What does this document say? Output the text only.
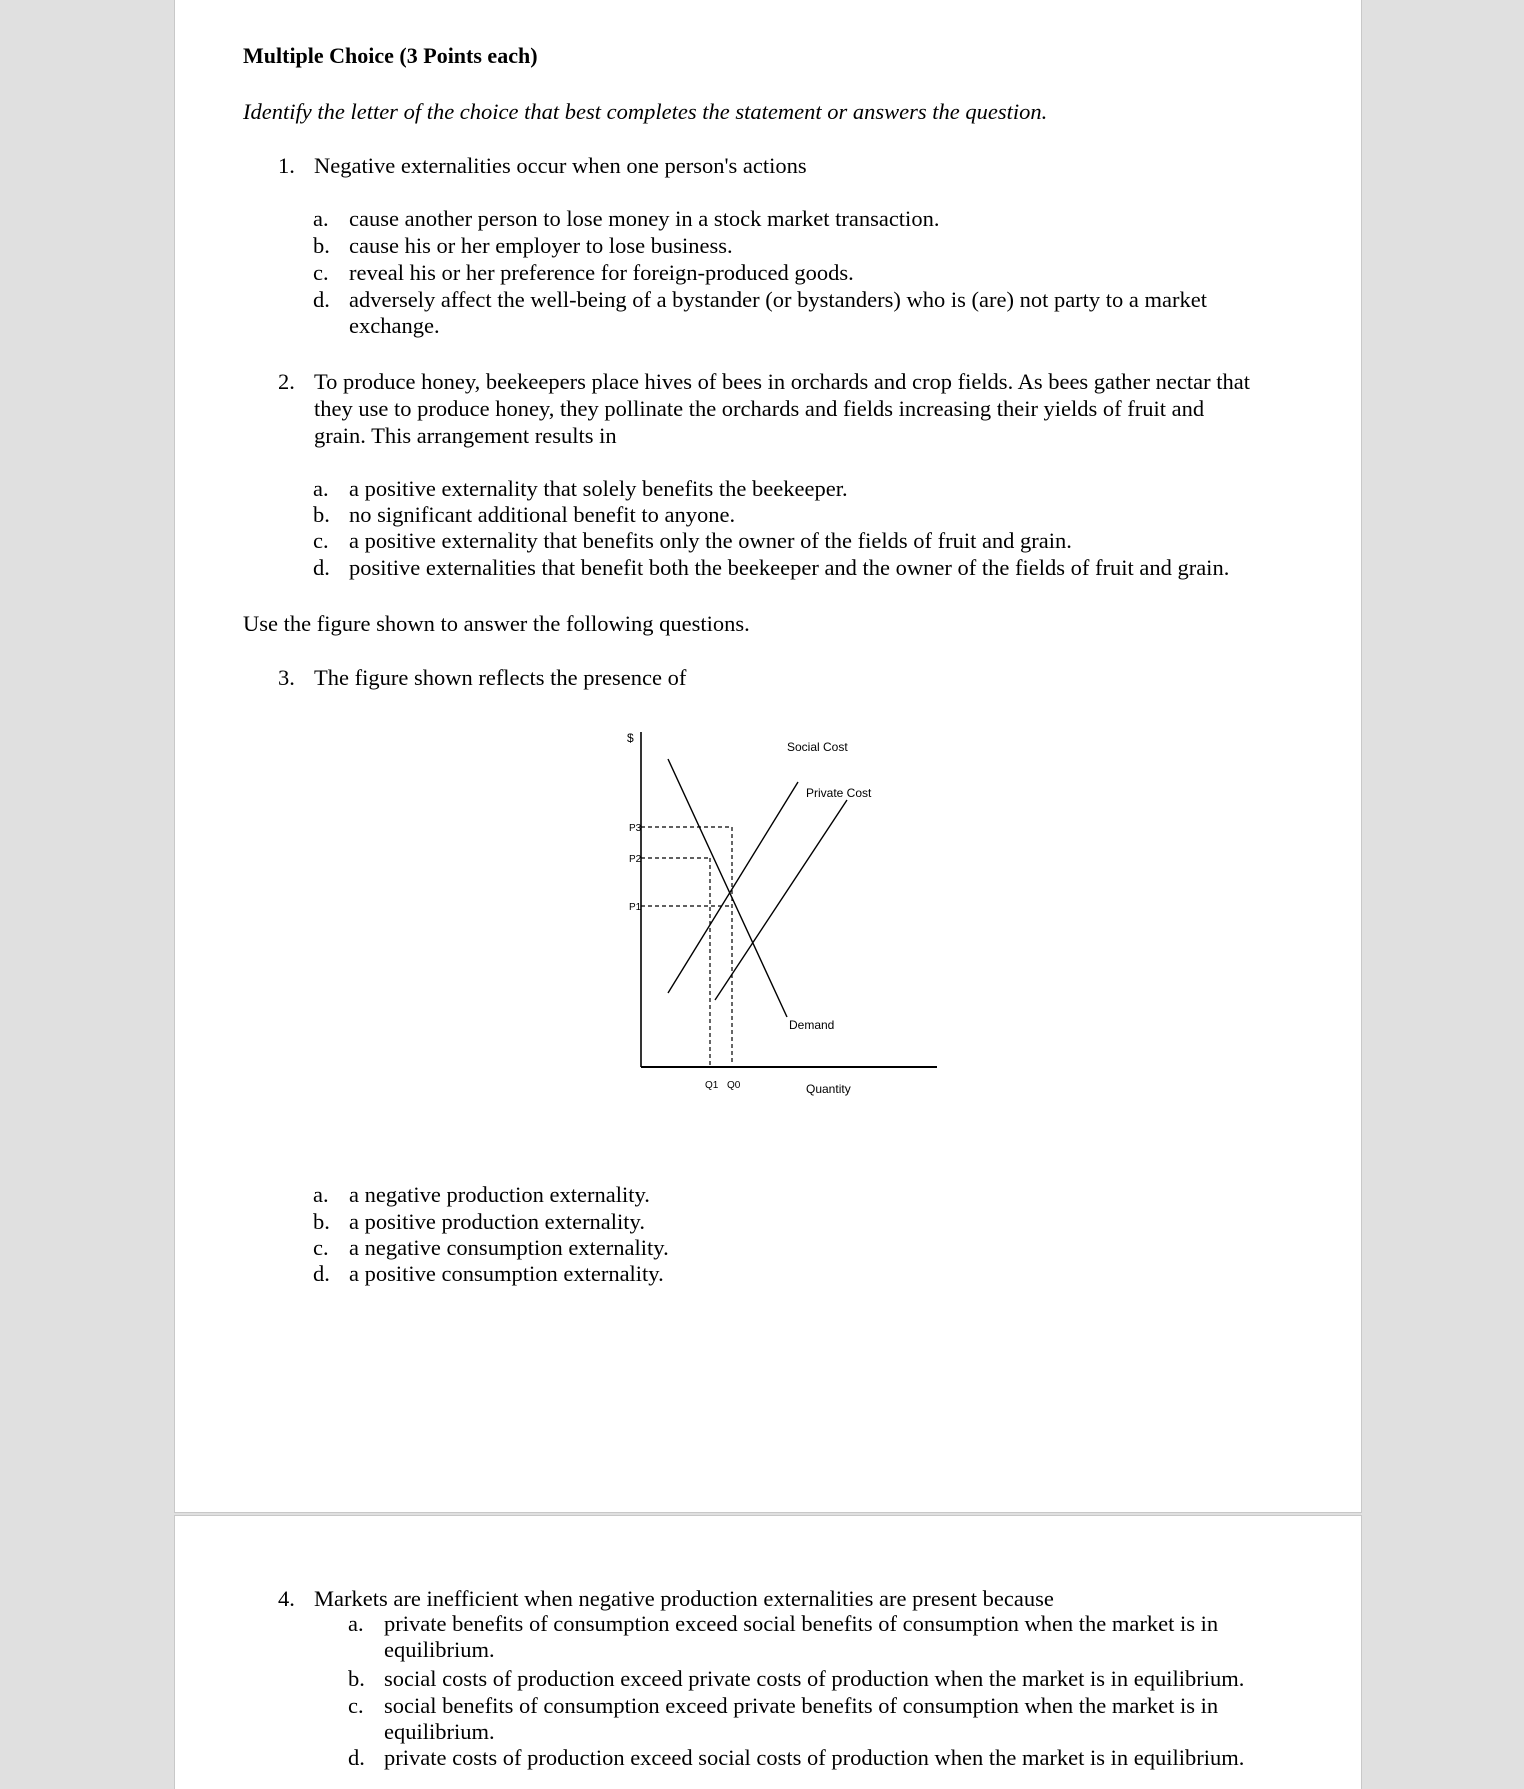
Multiple Choice (3 Points each)
Identify the letter of the choice that best completes the statement or answers the question.
1. Negative externalities occur when one person's actions
a. cause another person to lose money in a stock market transaction.
b. cause his or her employer to lose business.
c. reveal his or her preference for foreign-produced goods.
d. adversely affect the well-being of a bystander (or bystanders) who is (are) not party to a market
exchange.
2. To produce honey, beekeepers place hives of bees in orchards and crop fields. As bees gather nectar that
they use to produce honey, they pollinate the orchards and fields increasing their yields of fruit and
grain. This arrangement results in
a. a positive externality that solely benefits the beekeeper.
b. no significant additional benefit to anyone.
c. a positive externality that benefits only the owner of the fields of fruit and grain.
d. positive externalities that benefit both the beekeeper and the owner of the fields of fruit and grain.
Use the figure shown to answer the following questions.
3. The figure shown reflects the presence of
$
Social Cost
Private Cost
Demand
Quantity
P3
P2
P1
Q1 Q0
a. a negative production externality.
b. a positive production externality.
c. a negative consumption externality.
d. a positive consumption externality.
4. Markets are inefficient when negative production externalities are present because
a. private benefits of consumption exceed social benefits of consumption when the market is in
equilibrium.
b. social costs of production exceed private costs of production when the market is in equilibrium.
c. social benefits of consumption exceed private benefits of consumption when the market is in
equilibrium.
d. private costs of production exceed social costs of production when the market is in equilibrium.
